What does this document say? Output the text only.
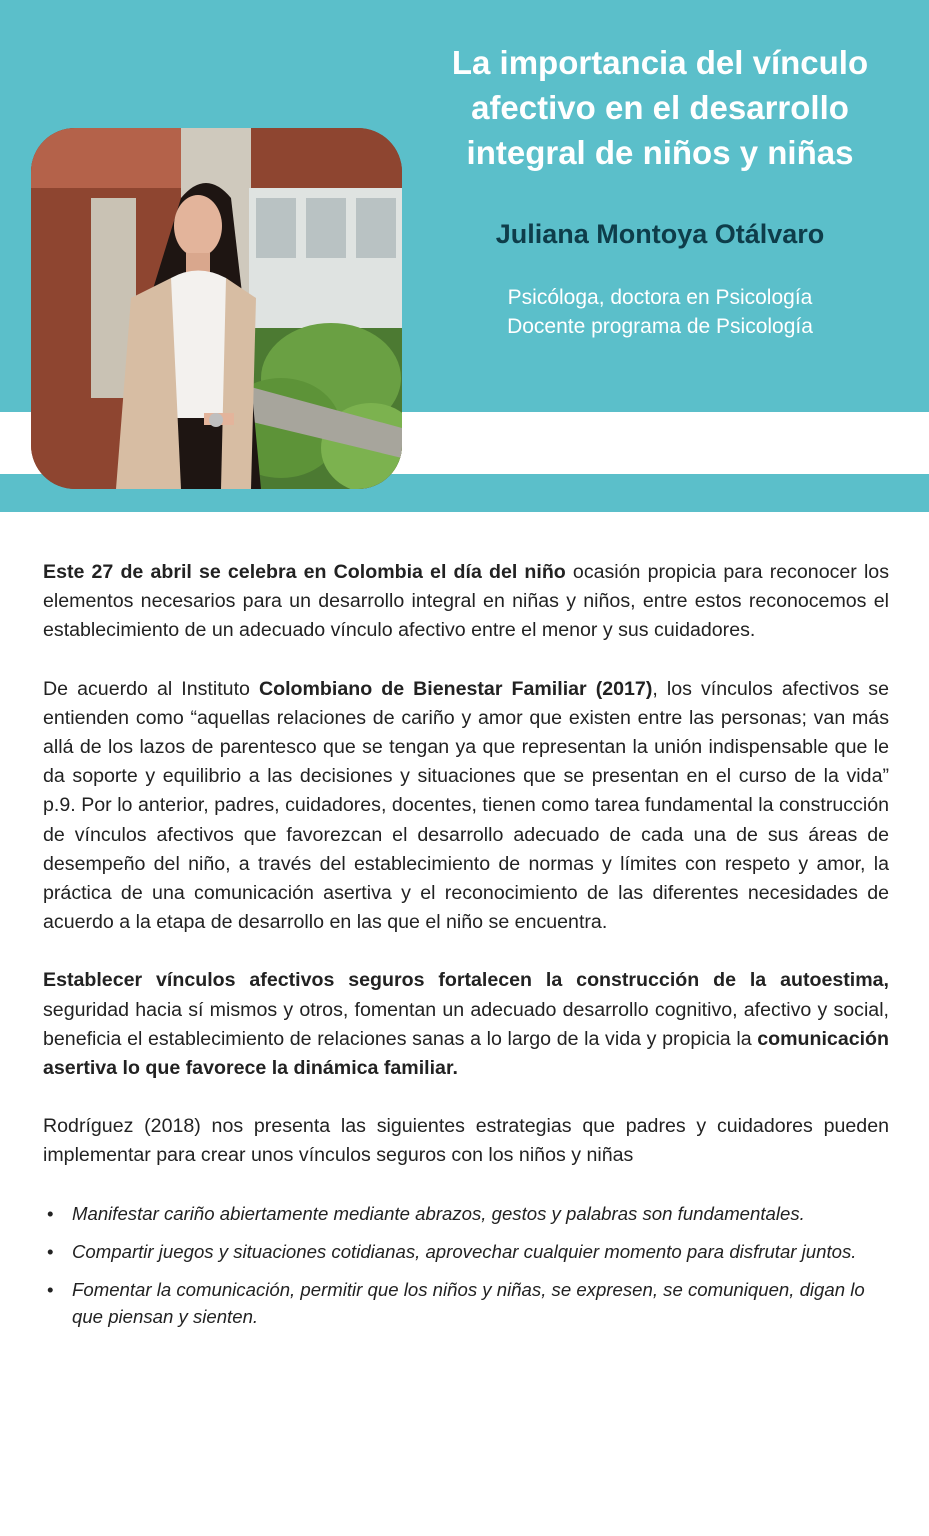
La importancia del vínculo
afectivo en el desarrollo
integral de niños y niñas

Juliana Montoya Otálvaro

Psicóloga, doctora en Psicología

Docente programa de Psicología

Este 27 de abril se celebra en Colombia el día del niño ocasión propicia para reconocer los elementos necesarios para un desarrollo integral en niñas y niños, entre estos reconocemos el establecimiento de un adecuado vínculo afectivo entre el menor y sus cuidadores.

De acuerdo al Instituto Colombiano de Bienestar Familiar (2017), los vínculos afectivos se entienden como “aquellas relaciones de cariño y amor que existen entre las personas; van más allá de los lazos de parentesco que se tengan ya que representan la unión indispensable que le da soporte y equilibrio a las decisiones y situaciones que se presentan en el curso de la vida” p.9. Por lo anterior, padres, cuidadores, docentes, tienen como tarea fundamental la construcción de vínculos afectivos que favorezcan el desarrollo adecuado de cada una de sus áreas de desempeño del niño, a través del establecimiento de normas y límites con respeto y amor, la práctica de una comunicación asertiva y el reconocimiento de las diferentes necesidades de acuerdo a la etapa de desarrollo en las que el niño se encuentra.

Establecer vínculos afectivos seguros fortalecen la construcción de la autoestima, seguridad hacia sí mismos y otros, fomentan un adecuado desarrollo cognitivo, afectivo y social, beneficia el establecimiento de relaciones sanas a lo largo de la vida y propicia la comunicación asertiva lo que favorece la dinámica familiar.

Rodríguez (2018) nos presenta las siguientes estrategias que padres y cuidadores pueden implementar para crear unos vínculos seguros con los niños y niñas

• Manifestar cariño abiertamente mediante abrazos, gestos y palabras son fundamentales.
• Compartir juegos y situaciones cotidianas, aprovechar cualquier momento para disfrutar juntos.
• Fomentar la comunicación, permitir que los niños y niñas, se expresen, se comuniquen, digan lo que piensan y sienten.
